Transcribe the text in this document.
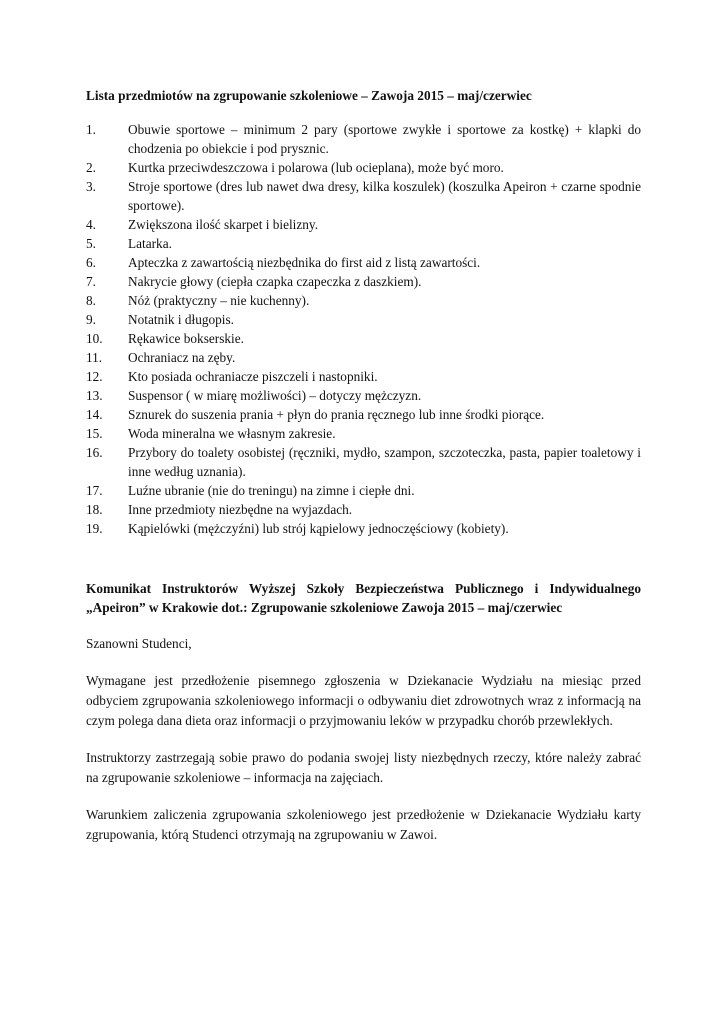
Lista przedmiotów na zgrupowanie szkoleniowe – Zawoja 2015 – maj/czerwiec
1.	Obuwie sportowe – minimum 2 pary (sportowe zwykłe i sportowe za kostkę) + klapki do chodzenia po obiekcie i pod prysznic.
2.	Kurtka przeciwdeszczowa i polarowa (lub ocieplana), może być moro.
3.	Stroje sportowe (dres lub nawet dwa dresy, kilka koszulek) (koszulka Apeiron + czarne spodnie sportowe).
4.	Zwiększona ilość skarpet i bielizny.
5.	Latarka.
6.	Apteczka z zawartością niezbędnika do first aid z listą zawartości.
7.	Nakrycie głowy (ciepła czapka czapeczka z daszkiem).
8.	Nóż (praktyczny – nie kuchenny).
9.	Notatnik i długopis.
10.	Rękawice bokserskie.
11.	Ochraniacz na zęby.
12.	Kto posiada ochraniacze piszczeli i nastopniki.
13.	Suspensor ( w miarę możliwości) – dotyczy mężczyzn.
14.	Sznurek do suszenia prania + płyn do prania ręcznego lub inne środki piorące.
15.	Woda mineralna we własnym zakresie.
16.	Przybory do toalety osobistej (ręczniki, mydło, szampon, szczoteczka, pasta, papier toaletowy i inne według uznania).
17.	Luźne ubranie (nie do treningu) na zimne i ciepłe dni.
18.	Inne przedmioty niezbędne na wyjazdach.
19.	Kąpielówki (mężczyźni) lub strój kąpielowy jednoczęściowy (kobiety).
Komunikat Instruktorów Wyższej Szkoły Bezpieczeństwa Publicznego i Indywidualnego
„Apeiron” w Krakowie dot.: Zgrupowanie szkoleniowe Zawoja 2015 – maj/czerwiec

Szanowni Studenci,

Wymagane jest przedłożenie pisemnego zgłoszenia w Dziekanacie Wydziału na miesiąc przed odbyciem zgrupowania szkoleniowego informacji o odbywaniu diet zdrowotnych wraz z informacją na czym polega dana dieta oraz informacji o przyjmowaniu leków w przypadku chorób przewlekłych.

Instruktorzy zastrzegają sobie prawo do podania swojej listy niezbędnych rzeczy, które należy zabrać na zgrupowanie szkoleniowe – informacja na zajęciach.

Warunkiem zaliczenia zgrupowania szkoleniowego jest przedłożenie w Dziekanacie Wydziału karty zgrupowania, którą Studenci otrzymają na zgrupowaniu w Zawoi.
